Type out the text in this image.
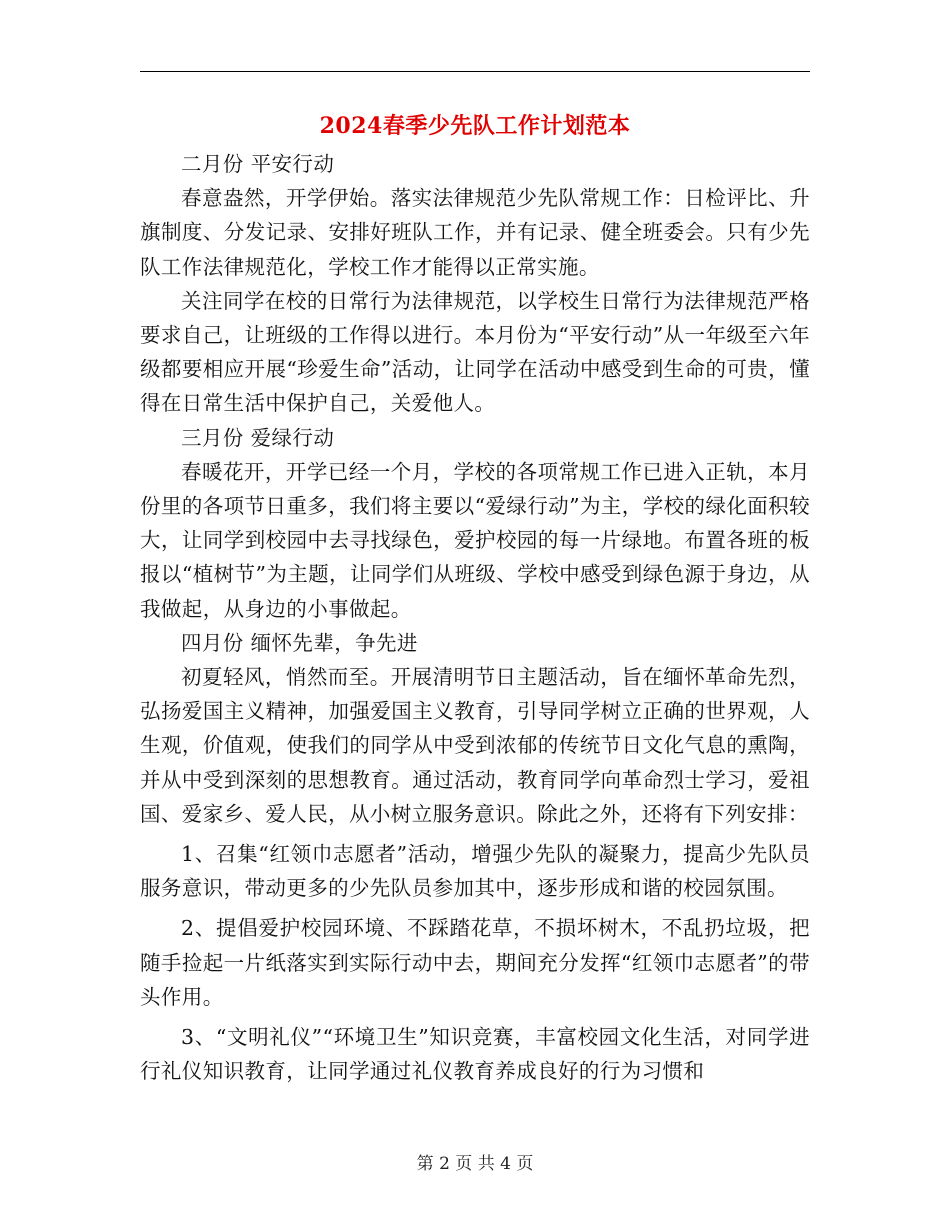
2024春季少先队工作计划范本

二月份 平安行动

春意盎然，开学伊始。落实法律规范少先队常规工作：日检评比、升旗制度、分发记录、安排好班队工作，并有记录、健全班委会。只有少先队工作法律规范化，学校工作才能得以正常实施。

关注同学在校的日常行为法律规范，以学校生日常行为法律规范严格要求自己，让班级的工作得以进行。本月份为“平安行动”从一年级至六年级都要相应开展“珍爱生命”活动，让同学在活动中感受到生命的可贵，懂得在日常生活中保护自己，关爱他人。

三月份 爱绿行动

春暖花开，开学已经一个月，学校的各项常规工作已进入正轨，本月份里的各项节日重多，我们将主要以“爱绿行动”为主，学校的绿化面积较大，让同学到校园中去寻找绿色，爱护校园的每一片绿地。布置各班的板报以“植树节”为主题，让同学们从班级、学校中感受到绿色源于身边，从我做起，从身边的小事做起。

四月份 缅怀先辈，争先进

初夏轻风，悄然而至。开展清明节日主题活动，旨在缅怀革命先烈，弘扬爱国主义精神，加强爱国主义教育，引导同学树立正确的世界观，人生观，价值观，使我们的同学从中受到浓郁的传统节日文化气息的熏陶，并从中受到深刻的思想教育。通过活动，教育同学向革命烈士学习，爱祖国、爱家乡、爱人民，从小树立服务意识。除此之外，还将有下列安排：

1、召集“红领巾志愿者”活动，增强少先队的凝聚力，提高少先队员服务意识，带动更多的少先队员参加其中，逐步形成和谐的校园氛围。

2、提倡爱护校园环境、不踩踏花草，不损坏树木，不乱扔垃圾，把随手捡起一片纸落实到实际行动中去，期间充分发挥“红领巾志愿者”的带头作用。

3、“文明礼仪”“环境卫生”知识竞赛，丰富校园文化生活，对同学进行礼仪知识教育，让同学通过礼仪教育养成良好的行为习惯和

第 2 页 共 4 页
